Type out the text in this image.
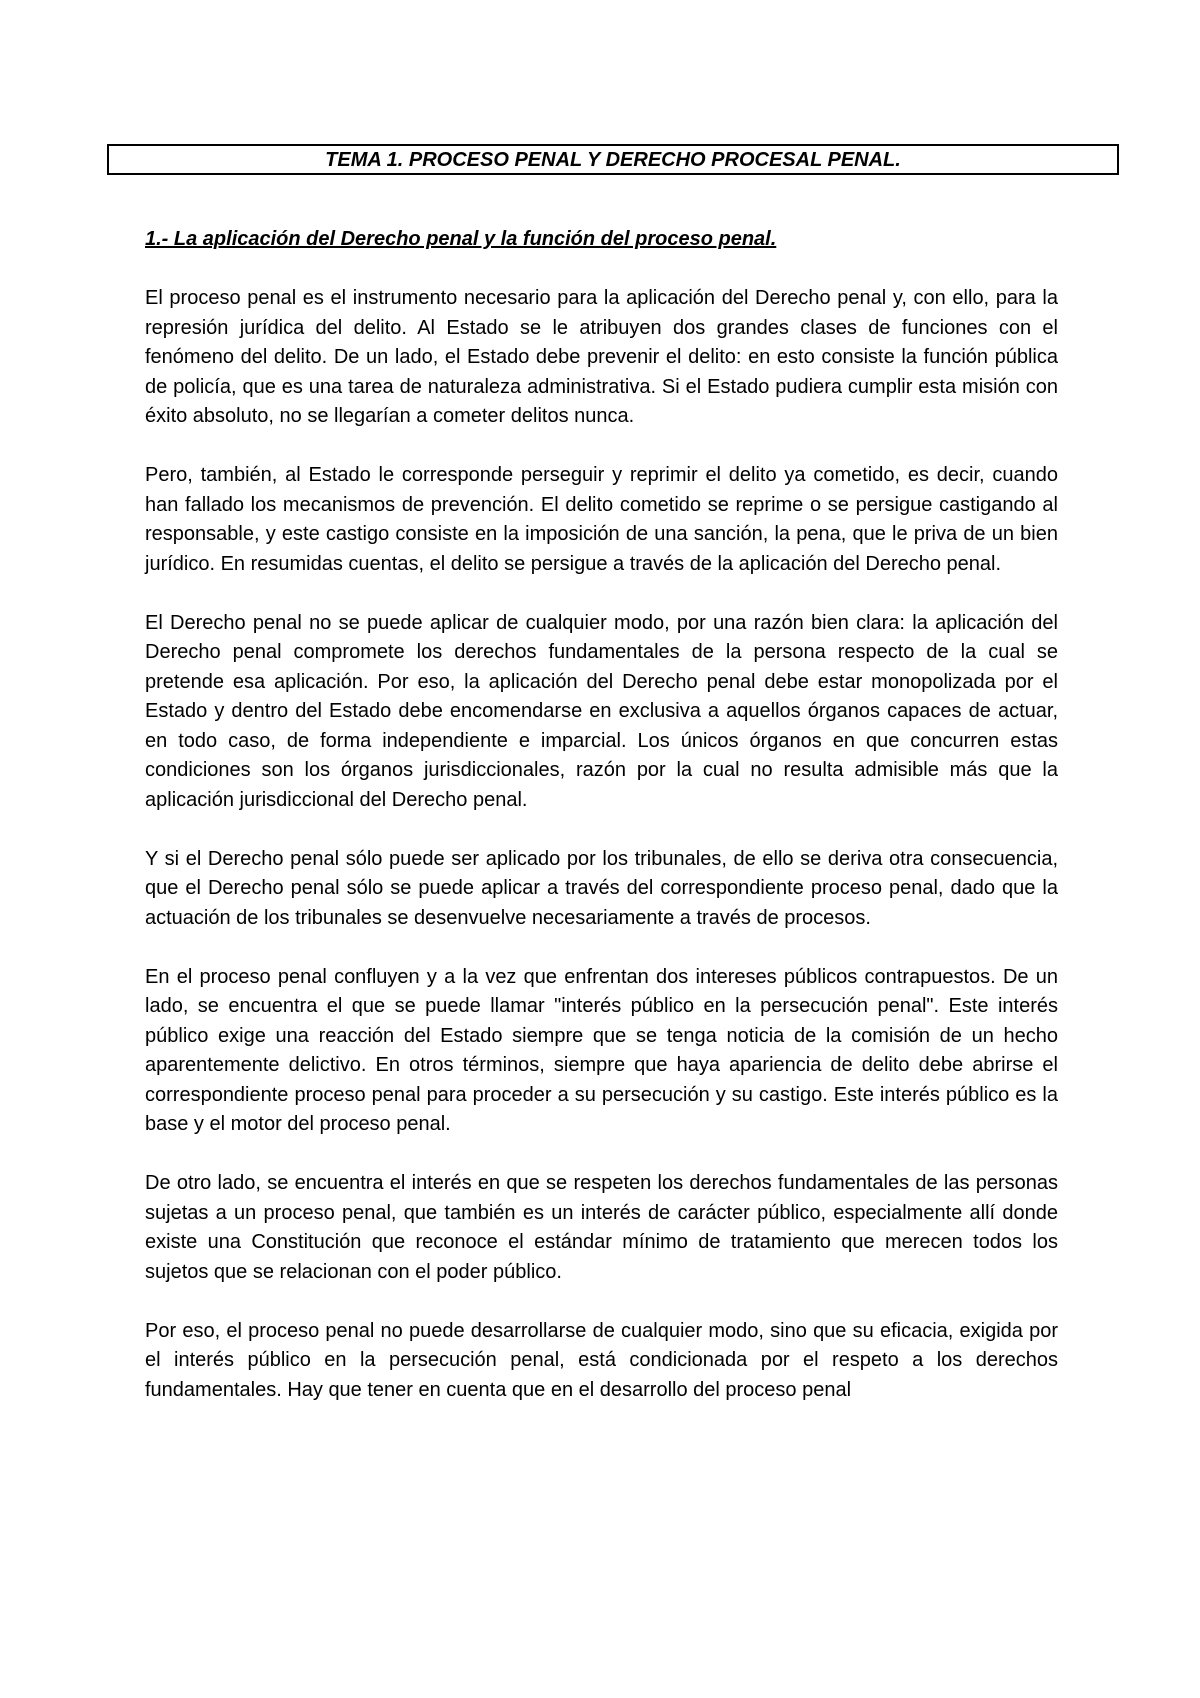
TEMA 1. PROCESO PENAL Y DERECHO PROCESAL PENAL.

1.- La aplicación del Derecho penal y la función del proceso penal.

El proceso penal es el instrumento necesario para la aplicación del Derecho penal y, con ello, para la represión jurídica del delito. Al Estado se le atribuyen dos grandes clases de funciones con el fenómeno del delito. De un lado, el Estado debe prevenir el delito: en esto consiste la función pública de policía, que es una tarea de naturaleza administrativa. Si el Estado pudiera cumplir esta misión con éxito absoluto, no se llegarían a cometer delitos nunca.

Pero, también, al Estado le corresponde perseguir y reprimir el delito ya cometido, es decir, cuando han fallado los mecanismos de prevención. El delito cometido se reprime o se persigue castigando al responsable, y este castigo consiste en la imposición de una sanción, la pena, que le priva de un bien jurídico. En resumidas cuentas, el delito se persigue a través de la aplicación del Derecho penal.

El Derecho penal no se puede aplicar de cualquier modo, por una razón bien clara: la aplicación del Derecho penal compromete los derechos fundamentales de la persona respecto de la cual se pretende esa aplicación. Por eso, la aplicación del Derecho penal debe estar monopolizada por el Estado y dentro del Estado debe encomendarse en exclusiva a aquellos órganos capaces de actuar, en todo caso, de forma independiente e imparcial. Los únicos órganos en que concurren estas condiciones son los órganos jurisdiccionales, razón por la cual no resulta admisible más que la aplicación jurisdiccional del Derecho penal.

Y si el Derecho penal sólo puede ser aplicado por los tribunales, de ello se deriva otra consecuencia, que el Derecho penal sólo se puede aplicar a través del correspondiente proceso penal, dado que la actuación de los tribunales se desenvuelve necesariamente a través de procesos.

En el proceso penal confluyen y a la vez que enfrentan dos intereses públicos contrapuestos. De un lado, se encuentra el que se puede llamar "interés público en la persecución penal". Este interés público exige una reacción del Estado siempre que se tenga noticia de la comisión de un hecho aparentemente delictivo. En otros términos, siempre que haya apariencia de delito debe abrirse el correspondiente proceso penal para proceder a su persecución y su castigo. Este interés público es la base y el motor del proceso penal.

De otro lado, se encuentra el interés en que se respeten los derechos fundamentales de las personas sujetas a un proceso penal, que también es un interés de carácter público, especialmente allí donde existe una Constitución que reconoce el estándar mínimo de tratamiento que merecen todos los sujetos que se relacionan con el poder público.

Por eso, el proceso penal no puede desarrollarse de cualquier modo, sino que su eficacia, exigida por el interés público en la persecución penal, está condicionada por el respeto a los derechos fundamentales. Hay que tener en cuenta que en el desarrollo del proceso penal
